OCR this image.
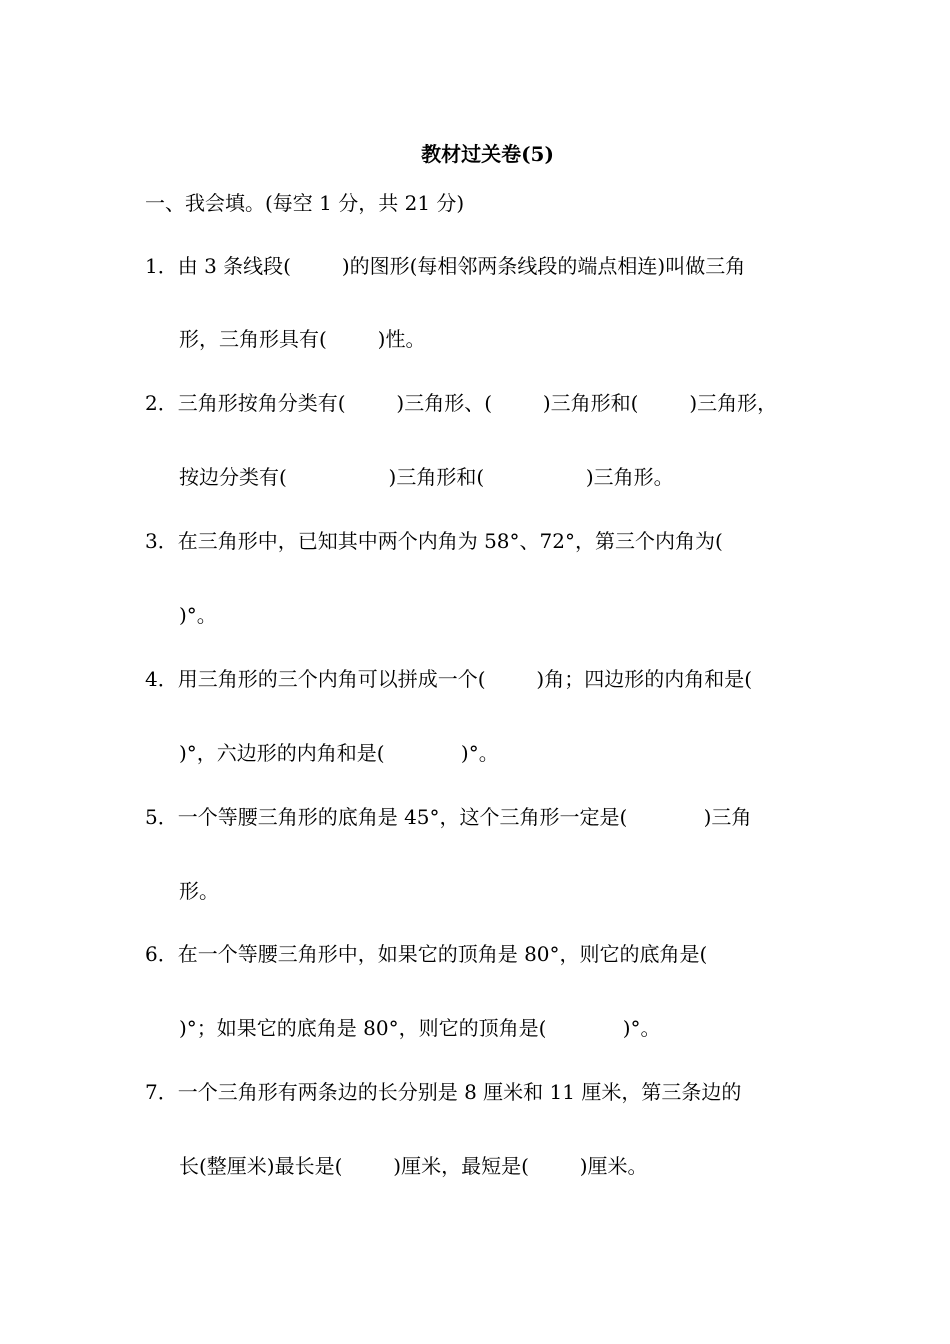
教材过关卷(5)
一、我会填。(每空 1 分，共 21 分)
1．由 3 条线段(        )的图形(每相邻两条线段的端点相连)叫做三角
形，三角形具有(        )性。
2．三角形按角分类有(        )三角形、(        )三角形和(        )三角形，
按边分类有(                )三角形和(                )三角形。
3．在三角形中，已知其中两个内角为 58°、72°，第三个内角为(
)°。
4．用三角形的三个内角可以拼成一个(        )角；四边形的内角和是(
)°，六边形的内角和是(            )°。
5．一个等腰三角形的底角是 45°，这个三角形一定是(            )三角
形。
6．在一个等腰三角形中，如果它的顶角是 80°，则它的底角是(
)°；如果它的底角是 80°，则它的顶角是(            )°。
7．一个三角形有两条边的长分别是 8 厘米和 11 厘米，第三条边的
长(整厘米)最长是(        )厘米，最短是(        )厘米。
